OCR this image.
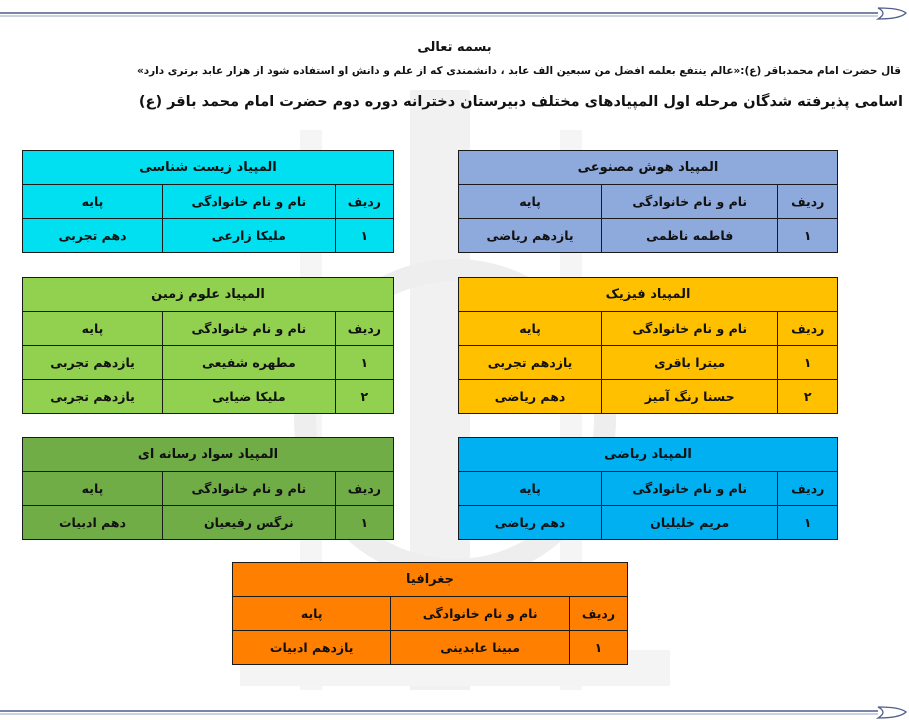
بسمه تعالی
قال حضرت امام محمدباقر (ع):«عالم ینتفع بعلمه افضل من سبعین الف عابد ، دانشمندی که از علم و دانش او استفاده شود از هزار عابد برتری دارد»
اسامی پذیرفته شدگان مرحله اول المپیادهای مختلف دبیرستان دخترانه دوره دوم حضرت امام محمد باقر (ع)
المپیاد هوش مصنوعی		
ردیف	نام و نام خانوادگی	پایه
۱	فاطمه ناظمی	یازدهم ریاضی
المپیاد زیست شناسی		
ردیف	نام و نام خانوادگی	پایه
۱	ملیکا زارعی	دهم تجربی
المپیاد فیزیک		
ردیف	نام و نام خانوادگی	پایه
۱	میترا باقری	یازدهم تجربی
۲	حسنا رنگ آمیز	دهم ریاضی
المپیاد علوم زمین		
ردیف	نام و نام خانوادگی	پایه
۱	مطهره شفیعی	یازدهم تجربی
۲	ملیکا ضیایی	یازدهم تجربی
المپیاد ریاضی		
ردیف	نام و نام خانوادگی	پایه
۱	مریم خلیلیان	دهم ریاضی
المپیاد سواد رسانه ای		
ردیف	نام و نام خانوادگی	پایه
۱	نرگس رفیعیان	دهم ادبیات
جغرافیا		
ردیف	نام و نام خانوادگی	پایه
۱	مبینا عابدینی	یازدهم ادبیات
